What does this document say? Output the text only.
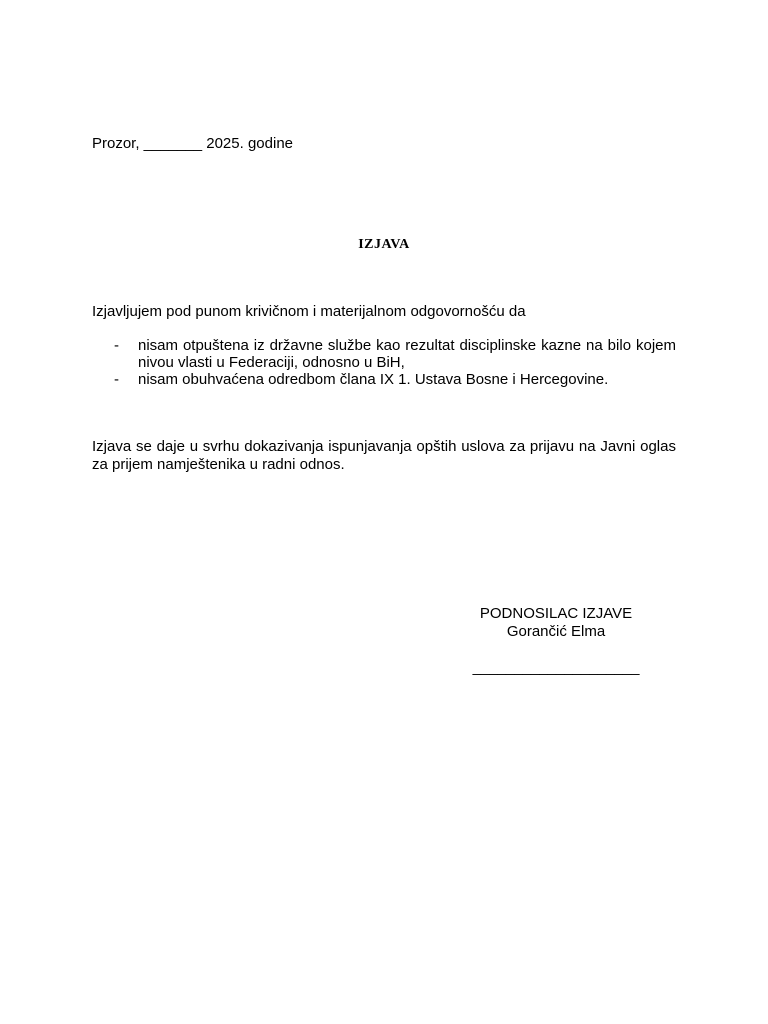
Prozor, _______ 2025. godine
IZJAVA
Izjavljujem pod punom krivičnom i materijalnom odgovornošću da
- nisam otpuštena iz državne službe kao rezultat disciplinske kazne na bilo kojem nivou vlasti u Federaciji, odnosno u BiH,
- nisam obuhvaćena odredbom člana IX 1. Ustava Bosne i Hercegovine.
Izjava se daje u svrhu dokazivanja ispunjavanja opštih uslova za prijavu na Javni oglas za prijem namještenika u radni odnos.
PODNOSILAC IZJAVE
Gorančić Elma
____________________
